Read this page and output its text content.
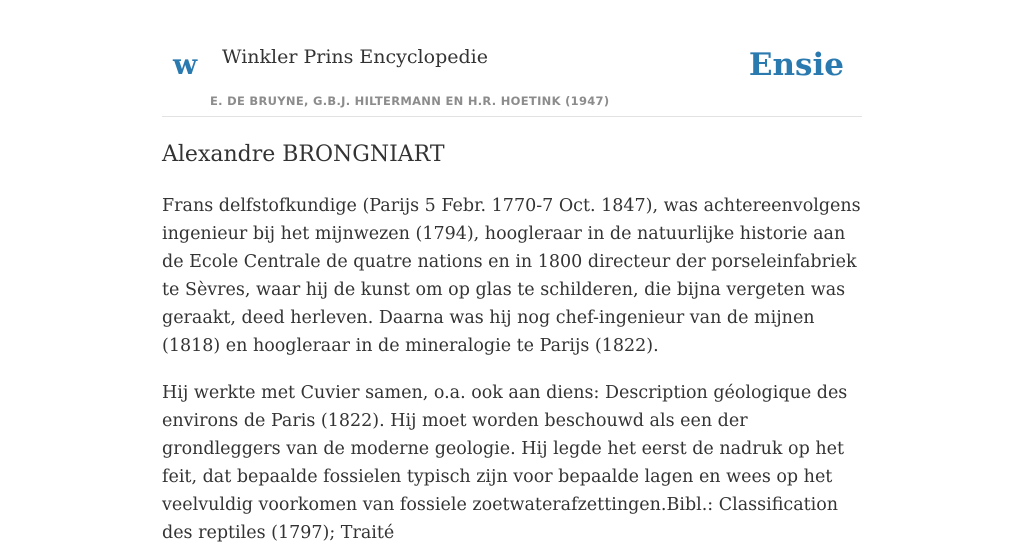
w Winkler Prins Encyclopedie
E. DE BRUYNE, G.B.J. HILTERMANN EN H.R. HOETINK (1947)
Ensie
Alexandre BRONGNIART

Frans delfstofkundige (Parijs 5 Febr. 1770-7 Oct. 1847), was achtereenvolgens ingenieur bij het mijnwezen (1794), hoogleraar in de natuurlijke historie aan de Ecole Centrale de quatre nations en in 1800 directeur der porseleinfabriek te Sèvres, waar hij de kunst om op glas te schilderen, die bijna vergeten was geraakt, deed herleven. Daarna was hij nog chef-ingenieur van de mijnen (1818) en hoogleraar in de mineralogie te Parijs (1822).

Hij werkte met Cuvier samen, o.a. ook aan diens: Description géologique des environs de Paris (1822). Hij moet worden beschouwd als een der grondleggers van de moderne geologie. Hij legde het eerst de nadruk op het feit, dat bepaalde fossielen typisch zijn voor bepaalde lagen en wees op het veelvuldig voorkomen van fossiele zoetwaterafzettingen.Bibl.: Classification des reptiles (1797); Traité
